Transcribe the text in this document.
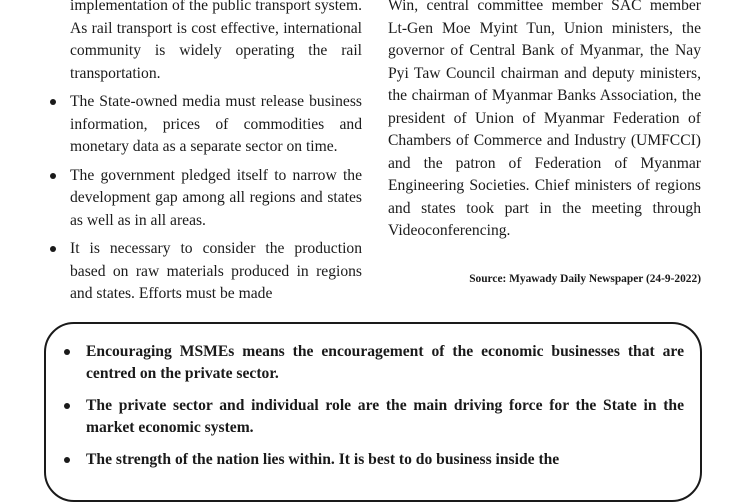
implementation of the public transport system. As rail transport is cost effective, international community is widely operating the rail transportation.

The State-owned media must release business information, prices of commodities and monetary data as a separate sector on time.
The government pledged itself to narrow the development gap among all regions and states as well as in all areas.
It is necessary to consider the production based on raw materials produced in regions and states. Efforts must be made

Win, central committee member SAC member Lt-Gen Moe Myint Tun, Union ministers, the governor of Central Bank of Myanmar, the Nay Pyi Taw Council chairman and deputy ministers, the chairman of Myanmar Banks Association, the president of Union of Myanmar Federation of Chambers of Commerce and Industry (UMFCCI) and the patron of Federation of Myanmar Engineering Societies. Chief ministers of regions and states took part in the meeting through Videoconferencing.

Source: Myawady Daily Newspaper (24-9-2022)
Encouraging MSMEs means the encouragement of the economic businesses that are centred on the private sector.
The private sector and individual role are the main driving force for the State in the market economic system.
The strength of the nation lies within. It is best to do business inside the
